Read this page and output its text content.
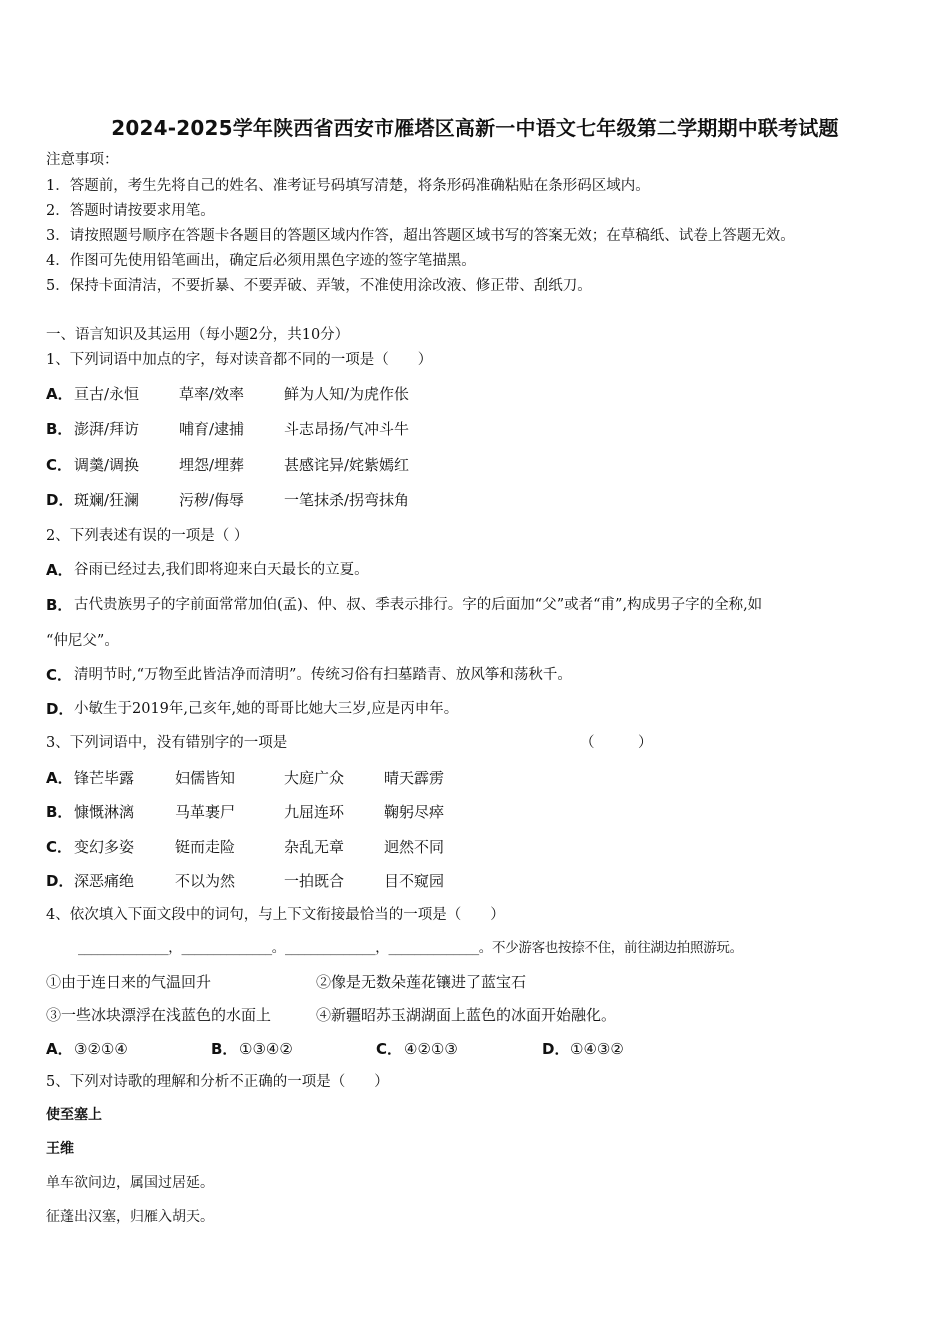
2024-2025学年陕西省西安市雁塔区高新一中语文七年级第二学期期中联考试题
注意事项：
1．答题前，考生先将自己的姓名、准考证号码填写清楚，将条形码准确粘贴在条形码区域内。
2．答题时请按要求用笔。
3．请按照题号顺序在答题卡各题目的答题区域内作答，超出答题区域书写的答案无效；在草稿纸、试卷上答题无效。
4．作图可先使用铅笔画出，确定后必须用黑色字迹的签字笔描黑。
5．保持卡面清洁，不要折暴、不要弄破、弄皱，不准使用涂改液、修正带、刮纸刀。
一、语言知识及其运用（每小题2分，共10分）
1、下列词语中加点的字，每对读音都不同的一项是（　　）
A． 亘古/永恒	草率/效率	鲜为人知/为虎作伥
B． 澎湃/拜访	哺育/逮捕	斗志昂扬/气冲斗牛
C． 调羹/调换	埋怨/埋葬	甚感诧异/姹紫嫣红
D． 斑斓/狂澜	污秽/侮辱	一笔抹杀/拐弯抹角
2、下列表述有误的一项是（ ）
A． 谷雨已经过去,我们即将迎来白天最长的立夏。
B． 古代贵族男子的字前面常常加伯(孟)、仲、叔、季表示排行。字的后面加“父”或者“甫”,构成男子字的全称,如
“仲尼父”。
C． 清明节时,“万物至此皆洁净而清明”。传统习俗有扫墓踏青、放风筝和荡秋千。
D． 小敏生于2019年,己亥年,她的哥哥比她大三岁,应是丙申年。
3、下列词语中，没有错别字的一项是	（　　　）
A． 锋芒毕露	妇儒皆知	大庭广众	晴天霹雳
B． 慷慨淋漓	马革裹尸	九屈连环	鞠躬尽瘁
C． 变幻多姿	铤而走险	杂乱无章	迥然不同
D． 深恶痛绝	不以为然	一拍既合	目不窥园
4、依次填入下面文段中的词句，与上下文衔接最恰当的一项是（　　）
______________，______________。______________，______________。不少游客也按捺不住，前往湖边拍照游玩。
①由于连日来的气温回升	②像是无数朵莲花镶进了蓝宝石
③一些冰块漂浮在浅蓝色的水面上	④新疆昭苏玉湖湖面上蓝色的冰面开始融化。
A． ③②①④	B． ①③④②	C． ④②①③	D． ①④③②
5、下列对诗歌的理解和分析不正确的一项是（　　）
使至塞上
王维
单车欲问边，属国过居延。
征蓬出汉塞，归雁入胡天。
